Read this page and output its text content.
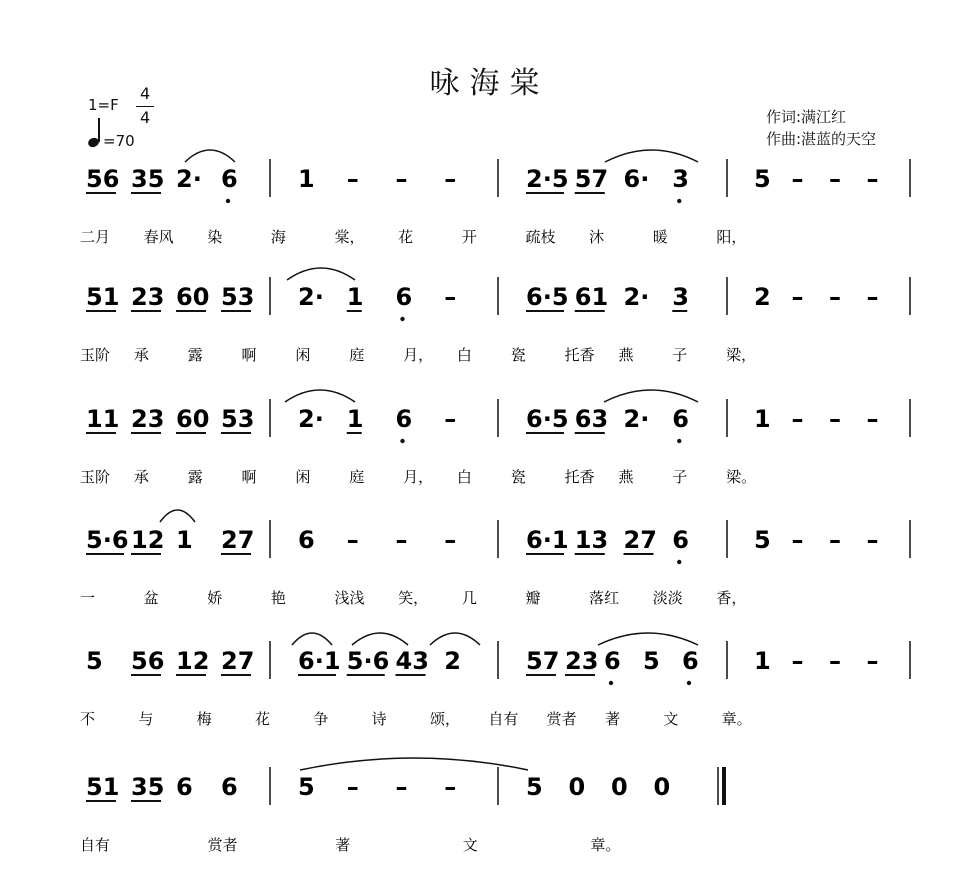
咏海棠
1=F
4
4
=70
作词:满江红
作曲:湛蓝的天空
56 35 2· 6	1 – – –	2·5 57 6· 3	5 – – –
二月 春风 染	海	棠， 花	开	疏枝 沐	暖	阳，
51 23 60 53 2· 1 6 –	6·5 61 2· 3	2 – – –
玉阶 承	露	啊	闲	庭	月， 白	瓷	托香 燕	子	梁，
11 23 60 53 2· 1 6 –	6·5 63 2· 6	1 – – –
玉阶 承	露	啊	闲	庭	月， 白	瓷	托香 燕	子	梁。
5·6 12 1 27 6 – – –	6·1 13 27 6	5 – – –
一	盆	娇	艳	浅浅 笑， 几	瓣	落红 淡淡 香，
5 56 12 27 6·1 5·6 43 2	57 23 6 5 6 1 – – –
不	与	梅	花	争	诗	颂， 自有 赏者 著	文	章。
51 35 6 6	5 – – –	5 0 0 0
自有	赏者	著	文	章。
